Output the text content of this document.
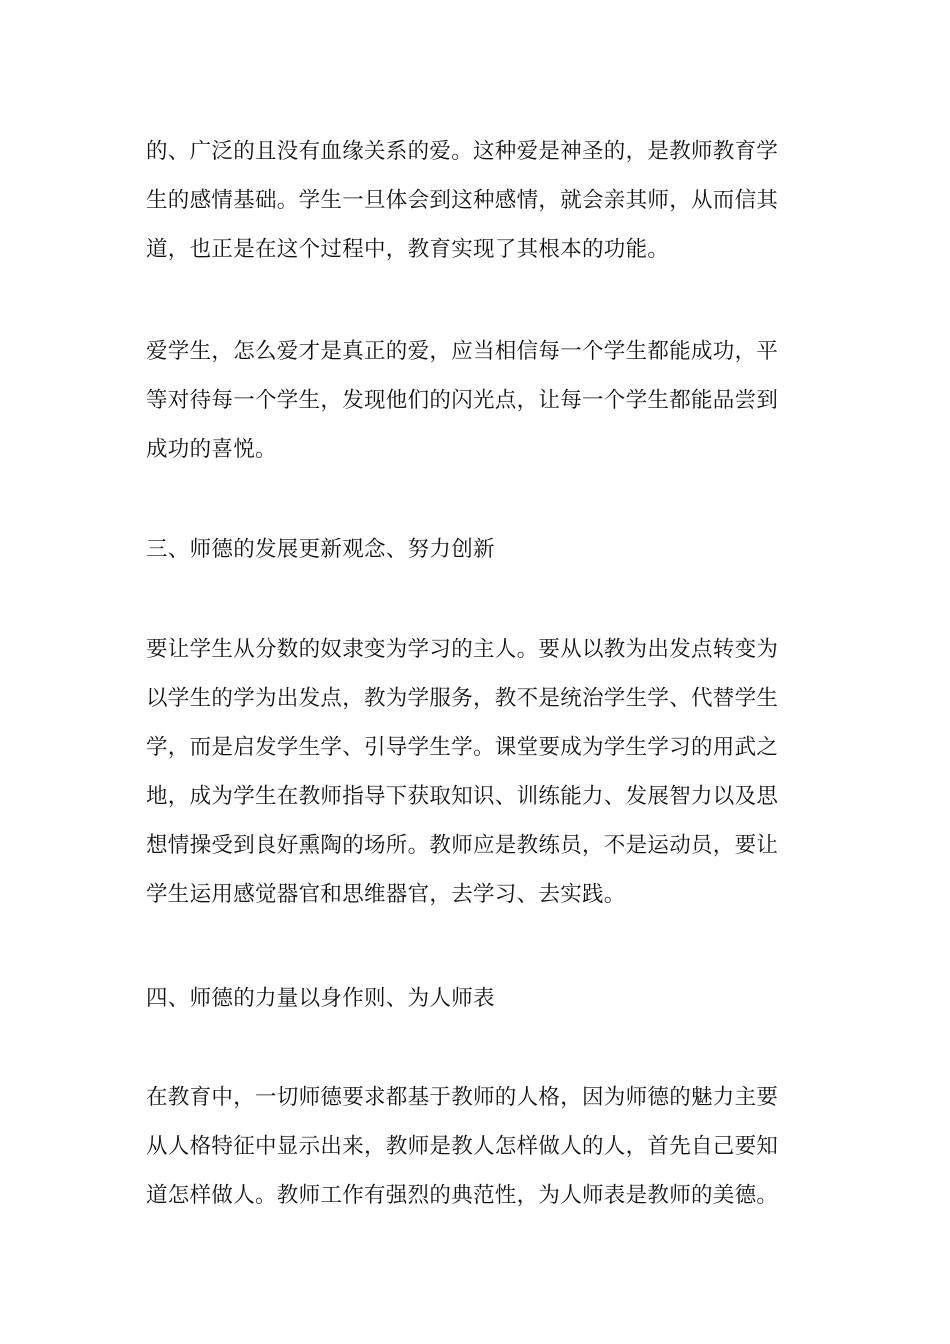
的、广泛的且没有血缘关系的爱。这种爱是神圣的，是教师教育学
生的感情基础。学生一旦体会到这种感情，就会亲其师，从而信其
道，也正是在这个过程中，教育实现了其根本的功能。
爱学生，怎么爱才是真正的爱，应当相信每一个学生都能成功，平
等对待每一个学生，发现他们的闪光点，让每一个学生都能品尝到
成功的喜悦。
三、师德的发展更新观念、努力创新
要让学生从分数的奴隶变为学习的主人。要从以教为出发点转变为
以学生的学为出发点，教为学服务，教不是统治学生学、代替学生
学，而是启发学生学、引导学生学。课堂要成为学生学习的用武之
地，成为学生在教师指导下获取知识、训练能力、发展智力以及思
想情操受到良好熏陶的场所。教师应是教练员，不是运动员，要让
学生运用感觉器官和思维器官，去学习、去实践。
四、师德的力量以身作则、为人师表
在教育中，一切师德要求都基于教师的人格，因为师德的魅力主要
从人格特征中显示出来，教师是教人怎样做人的人，首先自己要知
道怎样做人。教师工作有强烈的典范性，为人师表是教师的美德。
